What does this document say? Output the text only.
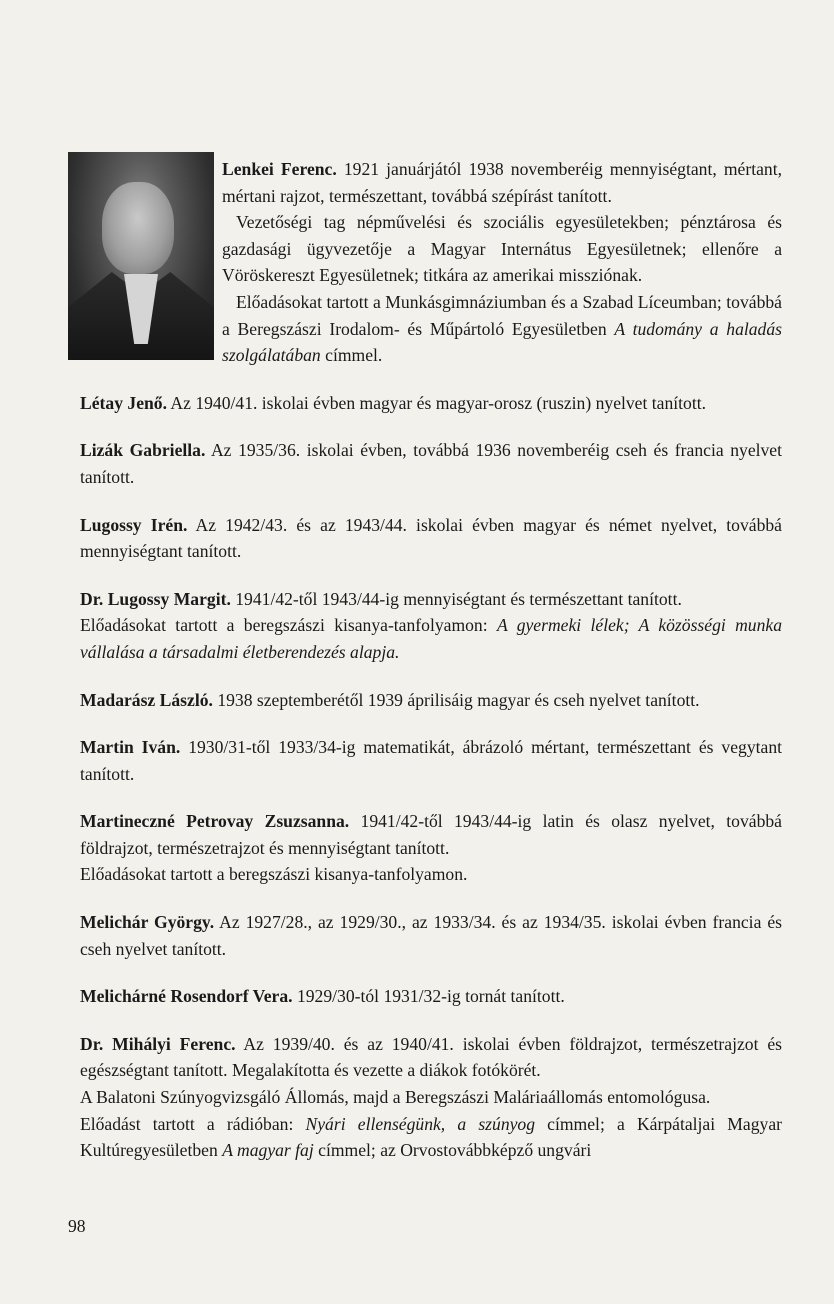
Lenkei Ferenc. 1921 januárjától 1938 novemberéig mennyiségtant, mértant, mértani rajzot, természettant, továbbá szépírást tanított.

Vezetőségi tag népművelési és szociális egyesületekben; pénztárosa és gazdasági ügyvezetője a Magyar Internátus Egyesületnek; ellenőre a Vöröskereszt Egyesületnek; titkára az amerikai missziónak.

Előadásokat tartott a Munkásgimnáziumban és a Szabad Líceumban; továbbá a Beregszászi Irodalom- és Műpártoló Egyesületben A tudomány a haladás szolgálatában címmel.

Létay Jenő. Az 1940/41. iskolai évben magyar és magyar-orosz (ruszin) nyelvet tanított.

Lizák Gabriella. Az 1935/36. iskolai évben, továbbá 1936 novemberéig cseh és francia nyelvet tanított.

Lugossy Irén. Az 1942/43. és az 1943/44. iskolai évben magyar és német nyelvet, továbbá mennyiségtant tanított.

Dr. Lugossy Margit. 1941/42-től 1943/44-ig mennyiségtant és természettant tanított.

Előadásokat tartott a beregszászi kisanya-tanfolyamon: A gyermeki lélek; A közösségi munka vállalása a társadalmi életberendezés alapja.

Madarász László. 1938 szeptemberétől 1939 áprilisáig magyar és cseh nyelvet tanított.

Martin Iván. 1930/31-től 1933/34-ig matematikát, ábrázoló mértant, természettant és vegytant tanított.

Martineczné Petrovay Zsuzsanna. 1941/42-től 1943/44-ig latin és olasz nyelvet, továbbá földrajzot, természetrajzot és mennyiségtant tanított.

Előadásokat tartott a beregszászi kisanya-tanfolyamon.

Melichár György. Az 1927/28., az 1929/30., az 1933/34. és az 1934/35. iskolai évben francia és cseh nyelvet tanított.

Melichárné Rosendorf Vera. 1929/30-tól 1931/32-ig tornát tanított.

Dr. Mihályi Ferenc. Az 1939/40. és az 1940/41. iskolai évben földrajzot, természetrajzot és egészségtant tanított. Megalakította és vezette a diákok fotókörét.

A Balatoni Szúnyogvizsgáló Állomás, majd a Beregszászi Maláriaállomás entomológusa.

Előadást tartott a rádióban: Nyári ellenségünk, a szúnyog címmel; a Kárpátaljai Magyar Kultúregyesületben A magyar faj címmel; az Orvostovábbképző ungvári

98
